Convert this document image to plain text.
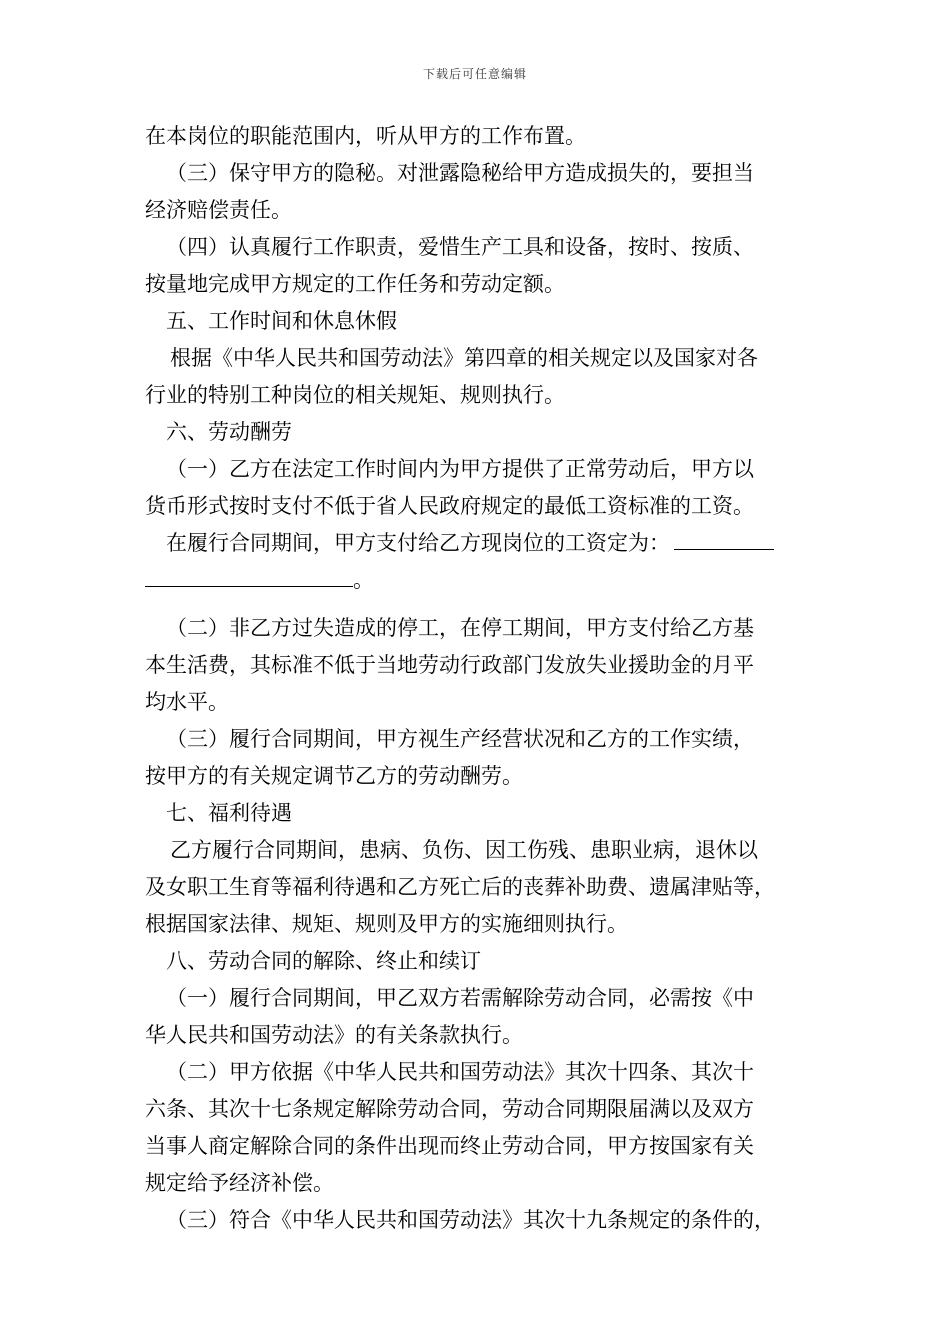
下载后可任意编辑
在本岗位的职能范围内，听从甲方的工作布置。
（三）保守甲方的隐秘。对泄露隐秘给甲方造成损失的，要担当
经济赔偿责任。
（四）认真履行工作职责，爱惜生产工具和设备，按时、按质、
按量地完成甲方规定的工作任务和劳动定额。
五、工作时间和休息休假
根据《中华人民共和国劳动法》第四章的相关规定以及国家对各
行业的特别工种岗位的相关规矩、规则执行。
六、劳动酬劳
（一）乙方在法定工作时间内为甲方提供了正常劳动后，甲方以
货币形式按时支付不低于省人民政府规定的最低工资标准的工资。
在履行合同期间，甲方支付给乙方现岗位的工资定为：
。
（二）非乙方过失造成的停工，在停工期间，甲方支付给乙方基
本生活费，其标准不低于当地劳动行政部门发放失业援助金的月平
均水平。
（三）履行合同期间，甲方视生产经营状况和乙方的工作实绩，
按甲方的有关规定调节乙方的劳动酬劳。
七、福利待遇
乙方履行合同期间，患病、负伤、因工伤残、患职业病，退休以
及女职工生育等福利待遇和乙方死亡后的丧葬补助费、遗属津贴等，
根据国家法律、规矩、规则及甲方的实施细则执行。
八、劳动合同的解除、终止和续订
（一）履行合同期间，甲乙双方若需解除劳动合同，必需按《中
华人民共和国劳动法》的有关条款执行。
（二）甲方依据《中华人民共和国劳动法》其次十四条、其次十
六条、其次十七条规定解除劳动合同，劳动合同期限届满以及双方
当事人商定解除合同的条件出现而终止劳动合同，甲方按国家有关
规定给予经济补偿。
（三）符合《中华人民共和国劳动法》其次十九条规定的条件的，
